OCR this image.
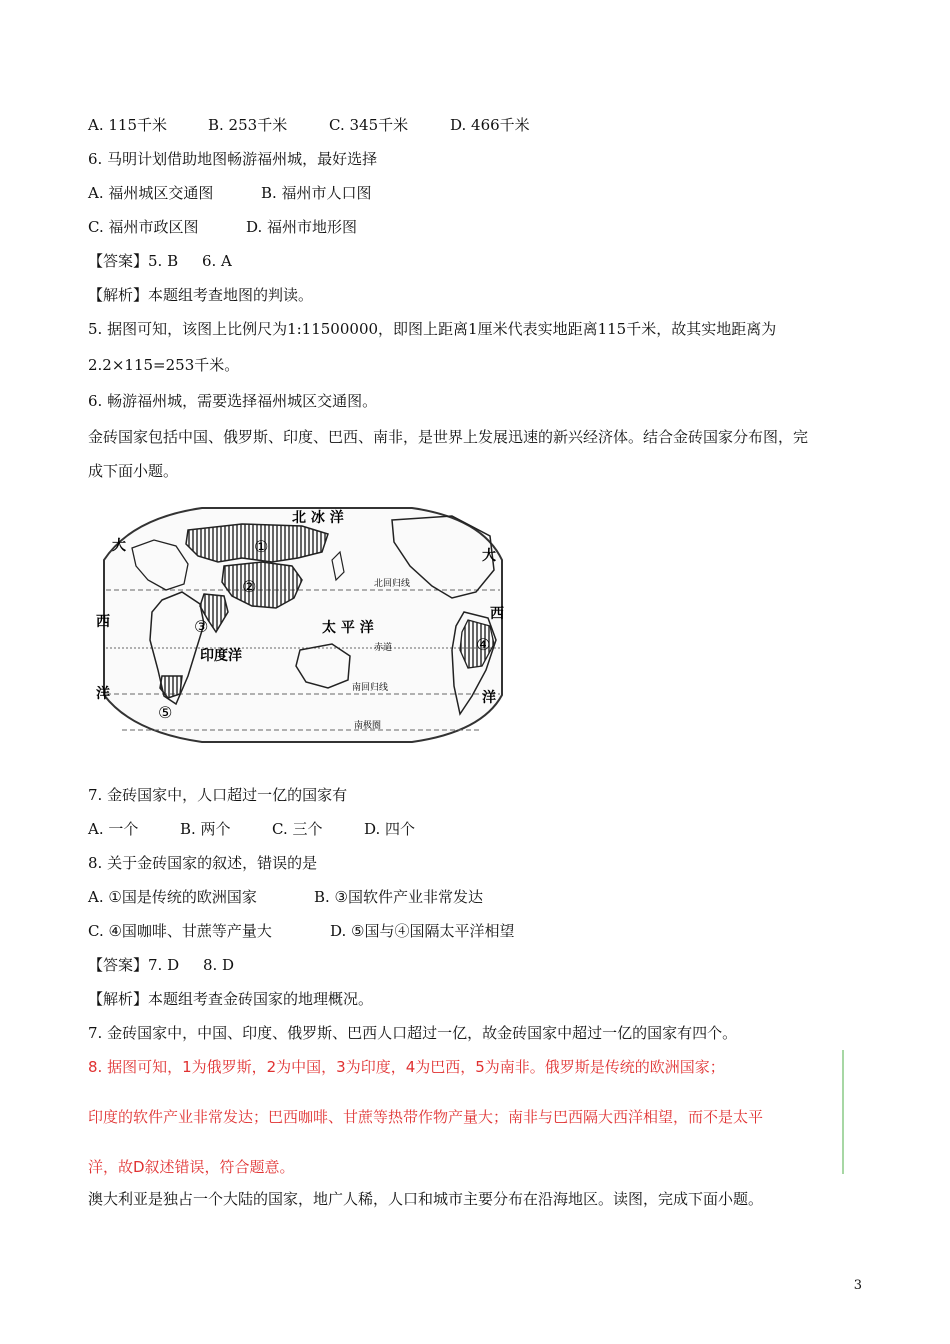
A. 115千米	B. 253千米	C. 345千米	D. 466千米
6. 马明计划借助地图畅游福州城，最好选择
A. 福州城区交通图	B. 福州市人口图
C. 福州市政区图	D. 福州市地形图
【答案】5. B     6. A
【解析】本题组考查地图的判读。
5. 据图可知，该图上比例尺为1:11500000，即图上距离1厘米代表实地距离115千米，故其实地距离为
2.2×115=253千米。
6. 畅游福州城，需要选择福州城区交通图。
金砖国家包括中国、俄罗斯、印度、巴西、南非，是世界上发展迅速的新兴经济体。结合金砖国家分布图，完
成下面小题。
北 冰 洋
大
大
北回归线
西	西
太 平 洋
印度洋	赤道
洋	洋
南回归线
南极圈
①
②
③
④
⑤
7. 金砖国家中，人口超过一亿的国家有
A. 一个	B. 两个	C. 三个	D. 四个
8. 关于金砖国家的叙述，错误的是
A. ①国是传统的欧洲国家	B. ③国软件产业非常发达
C. ④国咖啡、甘蔗等产量大	D. ⑤国与④国隔太平洋相望
【答案】7. D     8. D
【解析】本题组考查金砖国家的地理概况。
7. 金砖国家中，中国、印度、俄罗斯、巴西人口超过一亿，故金砖国家中超过一亿的国家有四个。
8. 据图可知，1为俄罗斯，2为中国，3为印度，4为巴西，5为南非。俄罗斯是传统的欧洲国家；
印度的软件产业非常发达；巴西咖啡、甘蔗等热带作物产量大；南非与巴西隔大西洋相望，而不是太平
洋，故D叙述错误，符合题意。
澳大利亚是独占一个大陆的国家，地广人稀，人口和城市主要分布在沿海地区。读图，完成下面小题。
3
